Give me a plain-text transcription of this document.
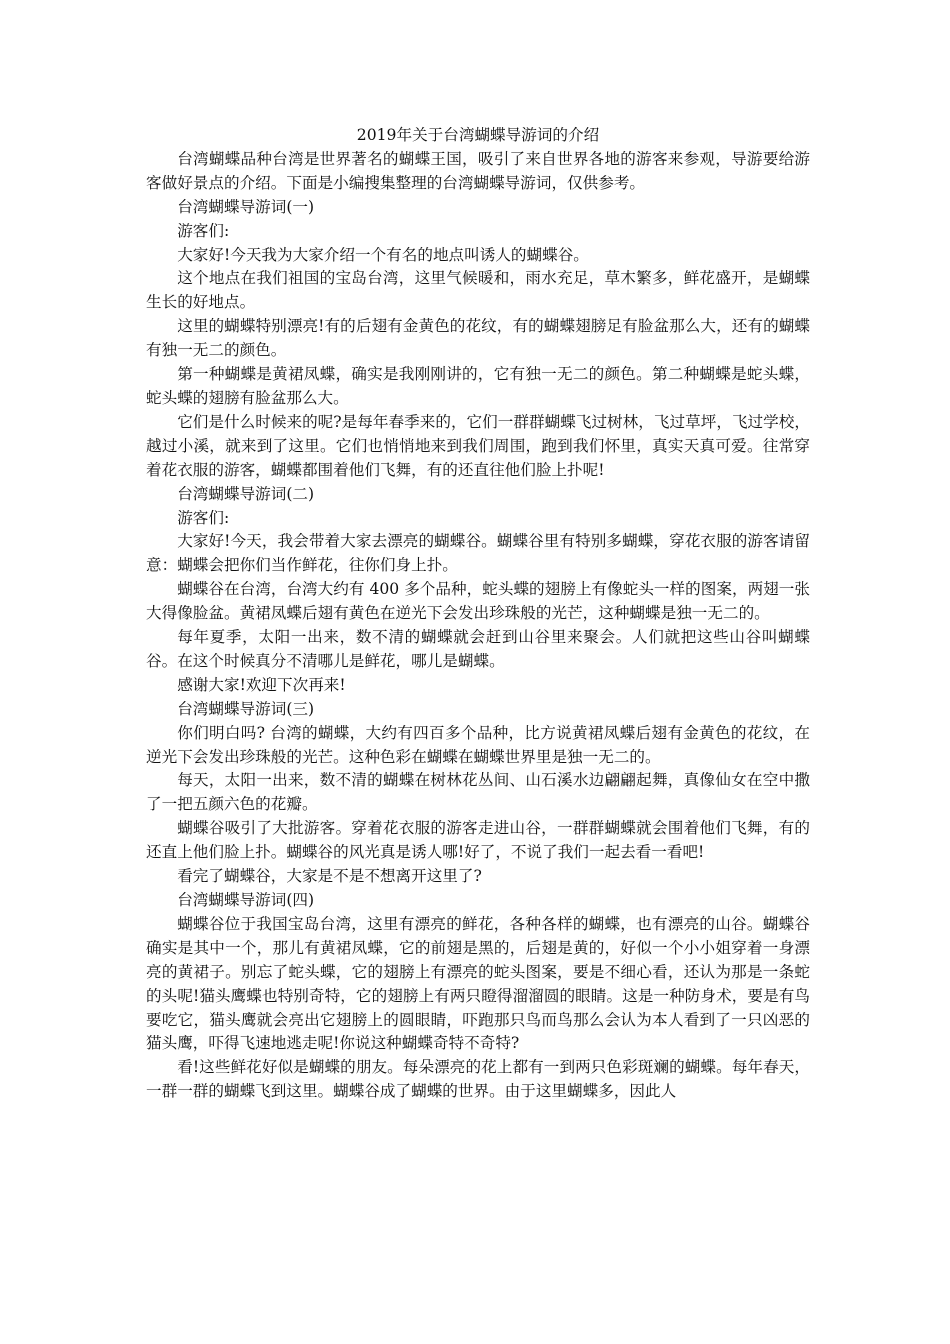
2019年关于台湾蝴蝶导游词的介绍

台湾蝴蝶品种台湾是世界著名的蝴蝶王国，吸引了来自世界各地的游客来参观，导游要给游客做好景点的介绍。下面是小编搜集整理的台湾蝴蝶导游词，仅供参考。

台湾蝴蝶导游词(一)

游客们:

大家好!今天我为大家介绍一个有名的地点叫诱人的蝴蝶谷。

这个地点在我们祖国的宝岛台湾，这里气候暖和，雨水充足，草木繁多，鲜花盛开，是蝴蝶生长的好地点。

这里的蝴蝶特别漂亮!有的后翅有金黄色的花纹，有的蝴蝶翅膀足有脸盆那么大，还有的蝴蝶有独一无二的颜色。

第一种蝴蝶是黄裙凤蝶，确实是我刚刚讲的，它有独一无二的颜色。第二种蝴蝶是蛇头蝶，蛇头蝶的翅膀有脸盆那么大。

它们是什么时候来的呢?是每年春季来的，它们一群群蝴蝶飞过树林，飞过草坪，飞过学校，越过小溪，就来到了这里。它们也悄悄地来到我们周围，跑到我们怀里，真实天真可爱。往常穿着花衣服的游客，蝴蝶都围着他们飞舞，有的还直往他们脸上扑呢!

台湾蝴蝶导游词(二)

游客们:

大家好!今天，我会带着大家去漂亮的蝴蝶谷。蝴蝶谷里有特别多蝴蝶，穿花衣服的游客请留意：蝴蝶会把你们当作鲜花，往你们身上扑。

蝴蝶谷在台湾，台湾大约有 400 多个品种，蛇头蝶的翅膀上有像蛇头一样的图案，两翅一张大得像脸盆。黄裙凤蝶后翅有黄色在逆光下会发出珍珠般的光芒，这种蝴蝶是独一无二的。

每年夏季，太阳一出来，数不清的蝴蝶就会赶到山谷里来聚会。人们就把这些山谷叫蝴蝶谷。在这个时候真分不清哪儿是鲜花，哪儿是蝴蝶。

感谢大家!欢迎下次再来!

台湾蝴蝶导游词(三)

你们明白吗? 台湾的蝴蝶，大约有四百多个品种，比方说黄裙凤蝶后翅有金黄色的花纹，在逆光下会发出珍珠般的光芒。这种色彩在蝴蝶在蝴蝶世界里是独一无二的。

每天，太阳一出来，数不清的蝴蝶在树林花丛间、山石溪水边翩翩起舞，真像仙女在空中撒了一把五颜六色的花瓣。

蝴蝶谷吸引了大批游客。穿着花衣服的游客走进山谷，一群群蝴蝶就会围着他们飞舞，有的还直上他们脸上扑。蝴蝶谷的风光真是诱人哪!好了，不说了我们一起去看一看吧!

看完了蝴蝶谷，大家是不是不想离开这里了?

台湾蝴蝶导游词(四)

蝴蝶谷位于我国宝岛台湾，这里有漂亮的鲜花，各种各样的蝴蝶，也有漂亮的山谷。蝴蝶谷确实是其中一个，那儿有黄裙凤蝶，它的前翅是黑的，后翅是黄的，好似一个小小姐穿着一身漂亮的黄裙子。别忘了蛇头蝶，它的翅膀上有漂亮的蛇头图案，要是不细心看，还认为那是一条蛇的头呢!猫头鹰蝶也特别奇特，它的翅膀上有两只瞪得溜溜圆的眼睛。这是一种防身术，要是有鸟要吃它，猫头鹰就会亮出它翅膀上的圆眼睛，吓跑那只鸟而鸟那么会认为本人看到了一只凶恶的猫头鹰，吓得飞速地逃走呢!你说这种蝴蝶奇特不奇特?

看!这些鲜花好似是蝴蝶的朋友。每朵漂亮的花上都有一到两只色彩斑斓的蝴蝶。每年春天，一群一群的蝴蝶飞到这里。蝴蝶谷成了蝴蝶的世界。由于这里蝴蝶多，因此人
